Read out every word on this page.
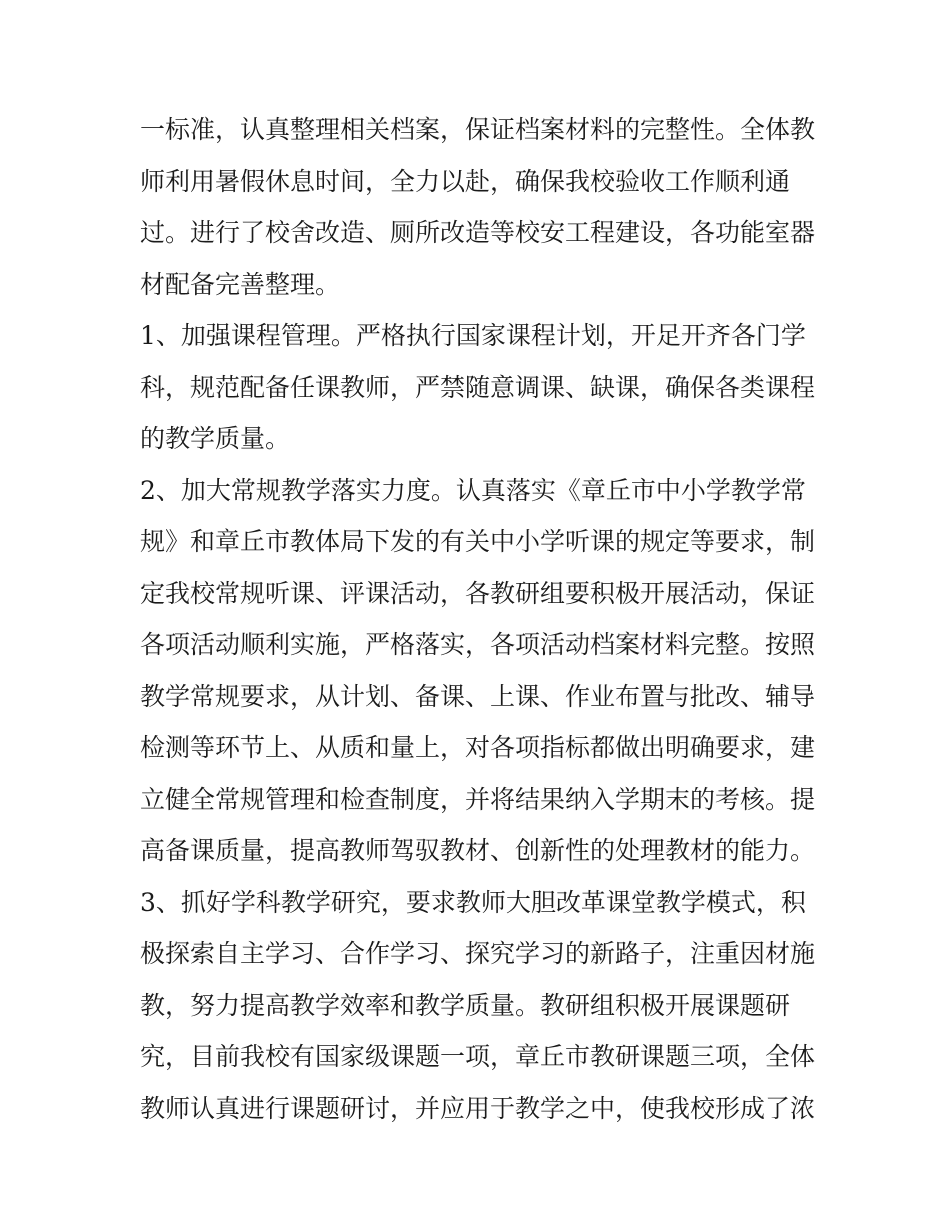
一标准，认真整理相关档案，保证档案材料的完整性。全体教
师利用暑假休息时间，全力以赴，确保我校验收工作顺利通
过。进行了校舍改造、厕所改造等校安工程建设，各功能室器
材配备完善整理。
1、加强课程管理。严格执行国家课程计划，开足开齐各门学
科，规范配备任课教师，严禁随意调课、缺课，确保各类课程
的教学质量。
2、加大常规教学落实力度。认真落实《章丘市中小学教学常
规》和章丘市教体局下发的有关中小学听课的规定等要求，制
定我校常规听课、评课活动，各教研组要积极开展活动，保证
各项活动顺利实施，严格落实，各项活动档案材料完整。按照
教学常规要求，从计划、备课、上课、作业布置与批改、辅导
检测等环节上、从质和量上，对各项指标都做出明确要求，建
立健全常规管理和检查制度，并将结果纳入学期末的考核。提
高备课质量，提高教师驾驭教材、创新性的处理教材的能力。
3、抓好学科教学研究，要求教师大胆改革课堂教学模式，积
极探索自主学习、合作学习、探究学习的新路子，注重因材施
教，努力提高教学效率和教学质量。教研组积极开展课题研
究，目前我校有国家级课题一项，章丘市教研课题三项，全体
教师认真进行课题研讨，并应用于教学之中，使我校形成了浓
